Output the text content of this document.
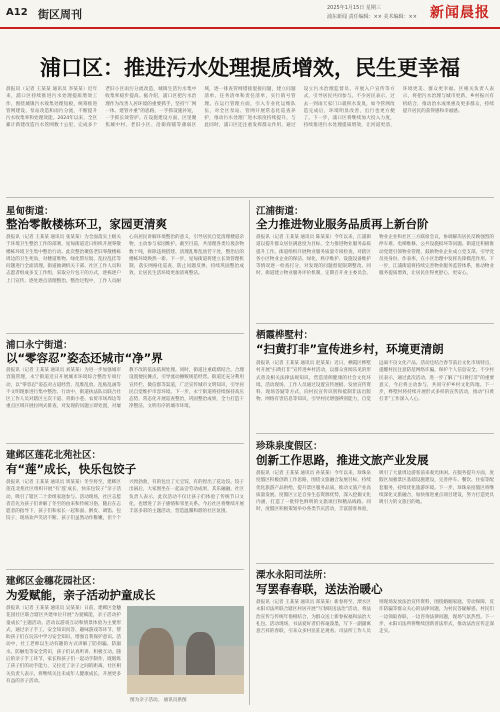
A12 街区周刊	2025年1月15日 星期三
浦东新闻 责任编辑：×× 美术编辑：×× 新闻晨报
浦口区：推进污水处理提质增效，民生更幸福
晨报讯（记者 王某某 通讯员 李某某）近年来，浦口区持续推进污水处理提质增效工作，围绕城镇污水收集处理短板，统筹推进管网建设、泵站改造和雨污分流，不断提升污水收集率和处理效能。2024年以来，全区累计新建改造污水管网数十公里，完成多个老旧小区雨污分流改造，城镇生活污水集中收集率稳步提高。据介绍，浦口区把污水治理作为改善人居环境的重要抓手，坚持“厂网一体、建管并重”的思路，一手抓设施补短，一手抓长效管护。在设施建设方面，区里聚焦城中村、老旧小区、沿街商铺等薄弱区域，逐一排查管网错接混接问题，建立问题清单、任务清单和责任清单，实行销号管理。在运行管理方面，引入专业化运维队伍，对全区泵站、管网开展常态化巡查养护，推动污水处理厂进水浓度持续提升。与此同时，浦口区还注重发挥群众作用，通过设立污水治理监督员、开展入户宣传等方式，引导居民共同参与。不少居民表示，过去一到雨天家门口就积水发臭，如今管网改造完成后，环境明显改善，出行也更方便了。下一步，浦口区将继续加大投入力度，持续推进污水处理提质增效，让河道更清、环境更美、群众更幸福。区相关负责人表示，将把污水治理与城市更新、乡村振兴有机结合，推动治水成果惠及更多群众，持续提升居民的获得感和幸福感。
星甸街道：
整治零散楼栋环卫，家园更清爽
晨报讯（记者 王某某 通讯员 张某某）为全面落实上级关于环境卫生整治工作的部署，星甸街道近日组织开展零散楼栋环境卫生集中整治行动。此次整治聚焦老旧零散楼栋周边的卫生死角，对楼道堆物、绿化带垃圾、乱拉乱挂等问题进行全面清理。街道抽调机关干部、社区工作人员和志愿者组成多支工作组，采取分片包干的方式，逐栋逐户上门宣传、逐处逐点清理整治。整治过程中，工作人员耐心向居民讲解环境整治的意义，引导居民自觉清理楼道杂物，主动参与家园维护。截至目前，共清理各类垃圾杂物数十吨，拆除违规搭建、清理乱堆乱放若干处，整治后的楼栋环境焕然一新。下一步，星甸街道将建立长效管理机制，落实网格化巡查，防止问题反弹，持续巩固整治成效，让居民生活环境更加清爽整洁。
江浦街道：
全力推进物业服务品质再上新台阶
晨报讯（记者 王某某 通讯员 陈某某）今年以来，江浦街道以提升群众居住满意度为目标，全力推进物业服务品质提升工作。街道组织开展物业服务质量专项检查，对辖区各小区物业企业的保洁、绿化、秩序维护、设施设备维护等情况逐一检查打分，对发现的问题督促限期整改。同时，街道建立物业服务评价机制，定期召开业主委员会、物业企业和社区三方联席会议，协调解决居民反映强烈的停车难、电梯维修、公共设施损坏等问题。街道还积极推动党建引领物业管理，鼓励物业企业成立党支部，引导党员亮身份、作表率，在小区治理中发挥先锋模范作用。下一步，江浦街道将持续完善物业服务监管体系，推动物业服务提质增效，让居民住得更舒心、更安心。
浦口永宁街道：
以“零容忍”姿态还城市“净”界
晨报讯（记者 王某某 通讯员 刘某某）为进一步加强城市容貌管理，永宁街道近日开展城市环境综合整治专项行动，以“零容忍”姿态对占道经营、乱堆乱放、乱贴乱画等不文明现象进行集中整治。行动中，街道执法队员联合社区工作人员对辖区主次干道、背街小巷、农贸市场周边等重点区域开展拉网式排查，对发现的问题立即处置，对屡教不改的依法依规处理。同时，街道注重疏堵结合，合理设置便民摊点，引导流动摊贩规范经营。街道还充分利用宣传栏、微信群等渠道，广泛宣传城市文明知识，引导居民自觉维护市容环境。下一步，永宁街道将持续保持高压态势，常态化开展巡查整治，巩固整治成果，全力打造干净整洁、文明有序的城市环境。
栖霞桦墅村：
“扫黄打非”宣传进乡村，环境更清朗
晨报讯（记者 王某某 通讯员 赵某某）近日，栖霞区桦墅村开展“扫黄打非”宣传进乡村活动，以群众喜闻乐见的形式普及相关法律法规知识，营造清朗健康的社会文化环境。活动现场，工作人员通过设置宣传展板、发放宣传资料、现场答疑等方式，向村民宣传识别和抵制非法出版物、网络有害信息等知识，引导村民增强辨别能力，自觉远离不良文化产品。活动还结合春节前后文化市场特点，提醒村民注意防范网络诈骗，保护个人信息安全。不少村民表示，通过此次活动，进一步了解了“扫黄打非”的重要意义，今后将主动参与，共同守护乡村文化阵地。下一步，桦墅村将持续开展形式多样的宣传活动，推动“扫黄打非”工作深入人心。
建邺区莲花北苑社区：
有“莲”成长，快乐包饺子
晨报讯（记者 王某某 通讯员 周某某）冬至将至，建邺区莲花北苑社区组织开展“有‘莲’成长，快乐包饺子”亲子活动，吸引了辖区二十余组家庭参与。活动现场，社区志愿者首先为孩子们讲解了冬至的由来和传统习俗，随后在志愿者的指导下，孩子们和家长一起和面、擀皮、调馅、包饺子，现场欢声笑语不断。孩子们虽然动作稚嫩，但个个兴致勃勃，有的包出了元宝饺，有的捏出了花边饺。饺子出锅后，大家围坐在一起品尝劳动成果，其乐融融。社区负责人表示，此次活动不仅让孩子们体验了传统节日文化，也增进了亲子感情和邻里关系。今后社区将继续开展丰富多彩的主题活动，营造温馨和谐的社区氛围。
珍珠泉度假区：
创新工作思路，推进文旅产业发展
晨报讯（记者 王某某 通讯员 孙某某）今年以来，珍珠泉度假区积极创新工作思路，围绕文旅融合发展目标，持续优化旅游产品供给，提升景区服务品质，推动文旅产业高质量发展。度假区立足自身生态资源优势，深入挖掘文化内涵，打造了一批特色鲜明的文旅项目和精品线路。同时，度假区积极策划举办各类节庆活动，丰富游客体验，吸引了大量周边游客前来观光休闲。在服务提升方面，度假区加强景区基础设施建设，完善停车、餐饮、住宿等配套服务，持续优化旅游环境。下一步，珍珠泉度假区将继续深化文旅融合，加快推进重点项目建设，努力打造更具吸引力的文旅目的地。
建邺区金穗花园社区：
为爱赋能，亲子活动护童成长
晨报讯（记者 王某某 通讯员 吴某某）日前，建邺区金穗花园社区联合辖区共建单位开展“为爱赋能，亲子活动护童成长”主题活动。活动以游戏互动和情景体验为主要形式，通过亲子手工、安全知识问答、趣味游戏等环节，帮助孩子们在玩乐中学习安全知识，增强自我保护意识。活动中，社工老师以生动有趣的方式讲解了防拐骗、防溺水、防触电等安全常识，孩子们认真听讲、积极互动。随后的亲子手工环节，家长和孩子们一起动手制作，既锻炼了孩子们的动手能力，又拉近了亲子之间的距离。社区相关负责人表示，将继续关注未成年人健康成长，开展更多有益的亲子活动。
图为亲子活动。 通讯员供图
溧水永阳司法所：
写罢春春联，送法治暖心
晨报讯（记者 王某某 通讯员 郑某某）新春将至，溧水区永阳司法所联合辖区村居开展“写春联送法治”活动，将法治宣传与传统年俗相结合，为群众送上新春祝福和法治大礼包。活动现场，书法爱好者们挥毫泼墨，写下一副副寓意吉祥的春联，引来众多村民驻足观看。司法所工作人员则现场发放法治宣传资料，围绕婚姻家庭、劳动保障、反诈防骗等群众关心的法律问题，为村民答疑解惑。村民们一边领取春联，一边咨询法律问题，现场气氛热烈。下一步，永阳司法所将继续创新普法形式，推动法治宣传走深走实。
